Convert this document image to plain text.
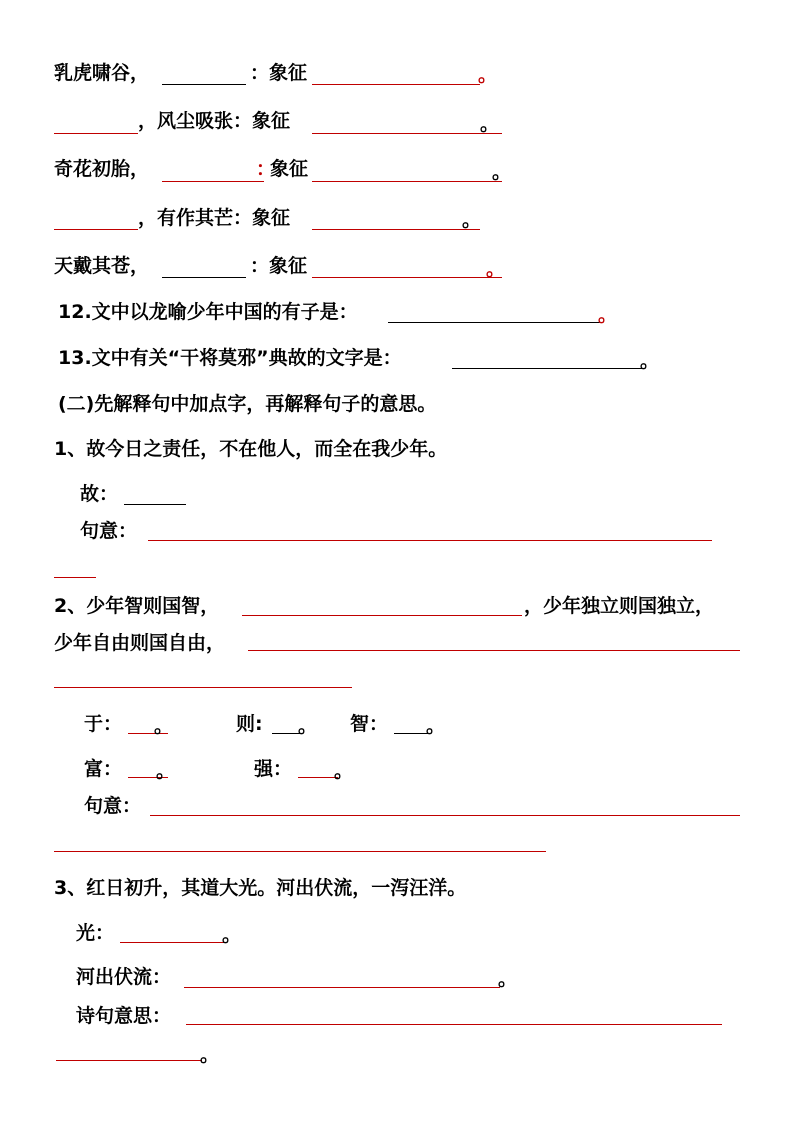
乳虎啸谷，	：象征	。
，风尘吸张：象征	。
奇花初胎，	：
象征	。
，有作其芒：象征	。
天戴其苍，	：象征	。
12.文中以龙喻少年中国的有子是：	。
13.文中有关“干将莫邪”典故的文字是：	。
(二)先解释句中加点字，再解释句子的意思。
1、故今日之责任，不在他人，而全在我少年。
故：
句意：
2、少年智则国智，	，少年独立则国独立，
少年自由则国自由，
于： 。	则: 。 智： 。
富： 。	强： 。
句意：
3、红日初升，其道大光。河出伏流，一泻汪洋。
光：	。
河出伏流：	。
诗句意思：
。
